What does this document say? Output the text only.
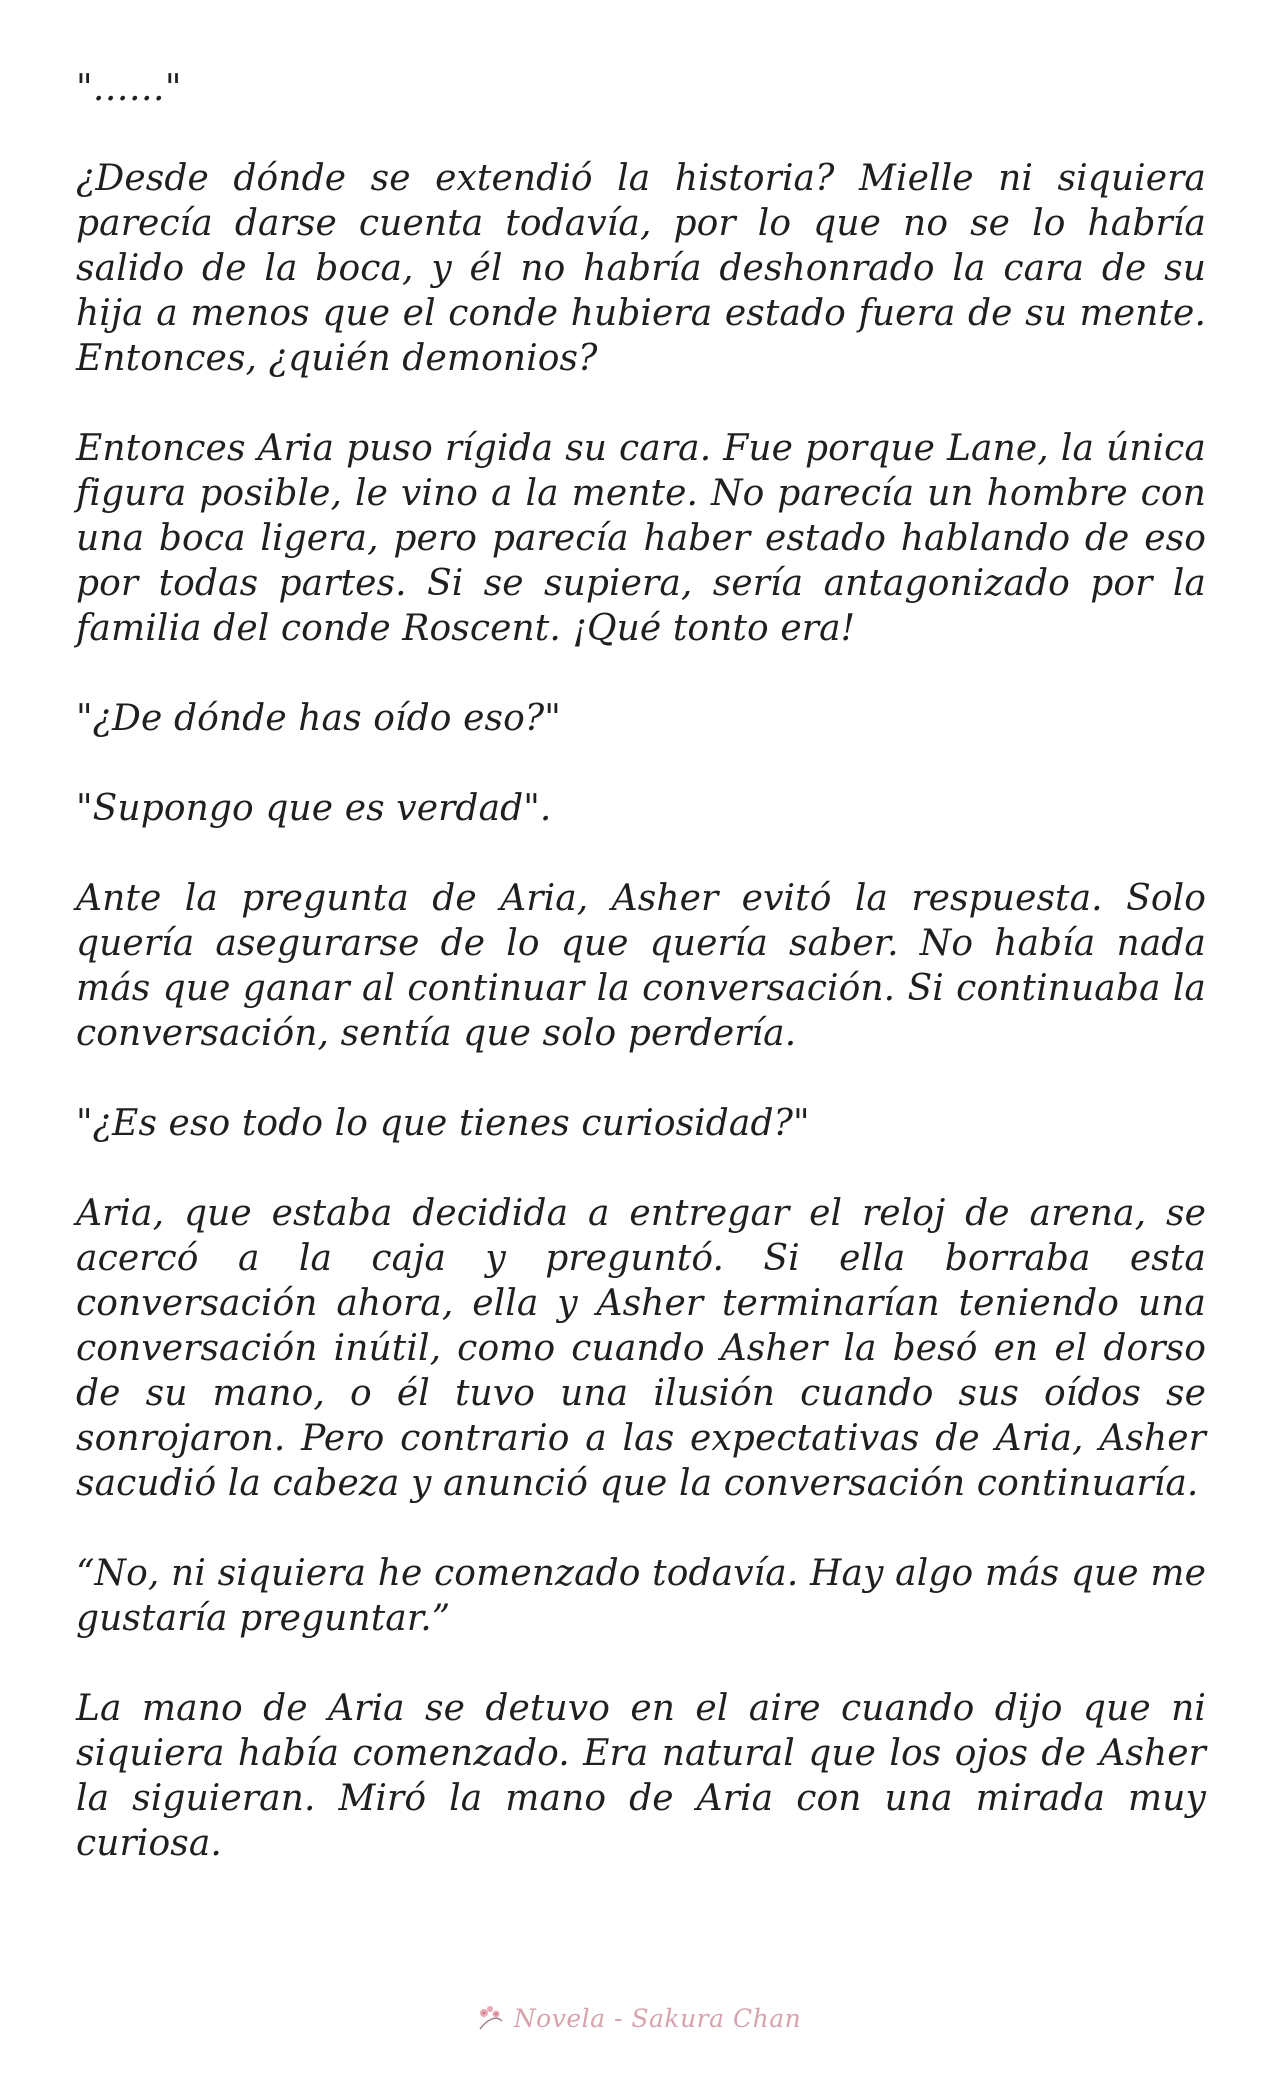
"……"

¿Desde dónde se extendió la historia? Mielle ni siquiera parecía darse cuenta todavía, por lo que no se lo habría salido de la boca, y él no habría deshonrado la cara de su hija a menos que el conde hubiera estado fuera de su mente. Entonces, ¿quién demonios?

Entonces Aria puso rígida su cara. Fue porque Lane, la única figura posible, le vino a la mente. No parecía un hombre con una boca ligera, pero parecía haber estado hablando de eso por todas partes. Si se supiera, sería antagonizado por la familia del conde Roscent. ¡Qué tonto era!

"¿De dónde has oído eso?"

"Supongo que es verdad".

Ante la pregunta de Aria, Asher evitó la respuesta. Solo quería asegurarse de lo que quería saber. No había nada más que ganar al continuar la conversación. Si continuaba la conversación, sentía que solo perdería.

"¿Es eso todo lo que tienes curiosidad?"

Aria, que estaba decidida a entregar el reloj de arena, se acercó a la caja y preguntó. Si ella borraba esta conversación ahora, ella y Asher terminarían teniendo una conversación inútil, como cuando Asher la besó en el dorso de su mano, o él tuvo una ilusión cuando sus oídos se sonrojaron. Pero contrario a las expectativas de Aria, Asher sacudió la cabeza y anunció que la conversación continuaría.

“No, ni siquiera he comenzado todavía. Hay algo más que me gustaría preguntar.”

La mano de Aria se detuvo en el aire cuando dijo que ni siquiera había comenzado. Era natural que los ojos de Asher la siguieran. Miró la mano de Aria con una mirada muy curiosa.

Novela - Sakura Chan
